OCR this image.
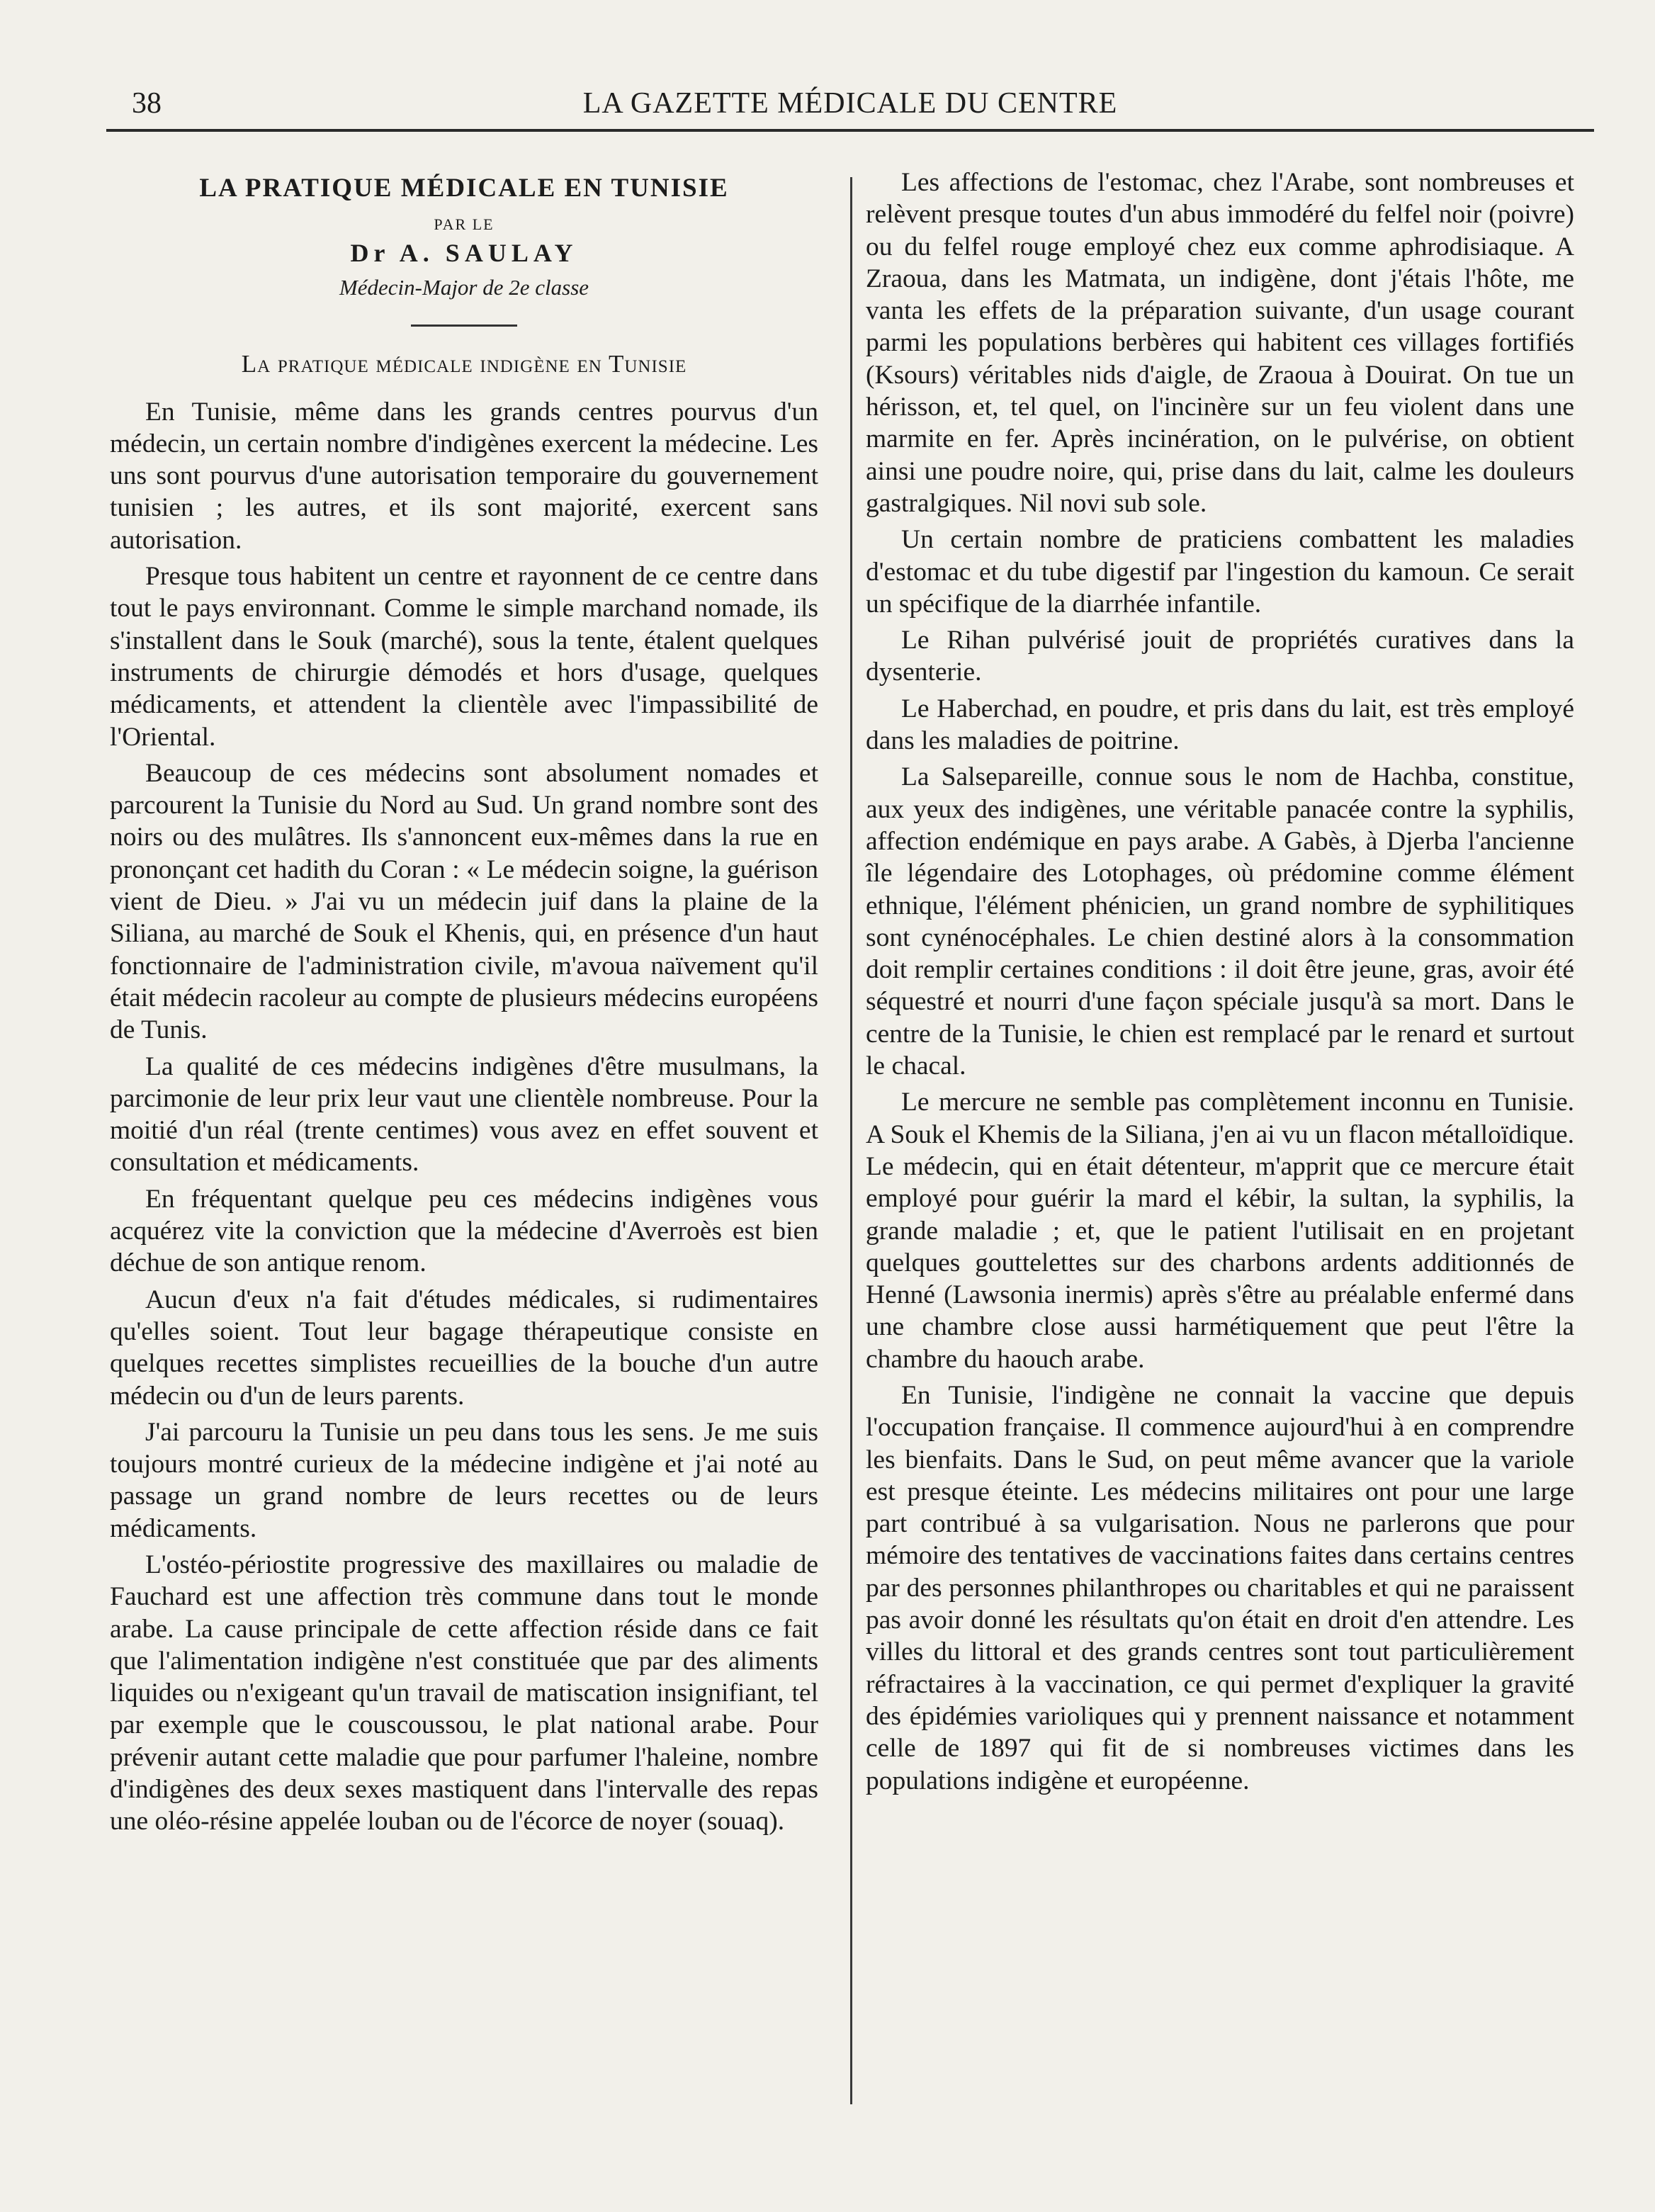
38	LA GAZETTE MÉDICALE DU CENTRE
LA PRATIQUE MÉDICALE EN TUNISIE
PAR LE
Dr A. SAULAY
Médecin-Major de 2e classe
La pratique médicale indigène en Tunisie

En Tunisie, même dans les grands centres pourvus d'un médecin, un certain nombre d'indigènes exercent la médecine. Les uns sont pourvus d'une autorisation temporaire du gouvernement tunisien ; les autres, et ils sont majorité, exercent sans autorisation.

Presque tous habitent un centre et rayonnent de ce centre dans tout le pays environnant. Comme le simple marchand nomade, ils s'installent dans le Souk (marché), sous la tente, étalent quelques instruments de chirurgie démodés et hors d'usage, quelques médicaments, et attendent la clientèle avec l'impassibilité de l'Oriental.

Beaucoup de ces médecins sont absolument nomades et parcourent la Tunisie du Nord au Sud. Un grand nombre sont des noirs ou des mulâtres. Ils s'annoncent eux-mêmes dans la rue en prononçant cet hadith du Coran : « Le médecin soigne, la guérison vient de Dieu. » J'ai vu un médecin juif dans la plaine de la Siliana, au marché de Souk el Khenis, qui, en présence d'un haut fonctionnaire de l'administration civile, m'avoua naïvement qu'il était médecin racoleur au compte de plusieurs médecins européens de Tunis.

La qualité de ces médecins indigènes d'être musulmans, la parcimonie de leur prix leur vaut une clientèle nombreuse. Pour la moitié d'un réal (trente centimes) vous avez en effet souvent et consultation et médicaments.

En fréquentant quelque peu ces médecins indigènes vous acquérez vite la conviction que la médecine d'Averroès est bien déchue de son antique renom.

Aucun d'eux n'a fait d'études médicales, si rudimentaires qu'elles soient. Tout leur bagage thérapeutique consiste en quelques recettes simplistes recueillies de la bouche d'un autre médecin ou d'un de leurs parents.

J'ai parcouru la Tunisie un peu dans tous les sens. Je me suis toujours montré curieux de la médecine indigène et j'ai noté au passage un grand nombre de leurs recettes ou de leurs médicaments.

L'ostéo-périostite progressive des maxillaires ou maladie de Fauchard est une affection très commune dans tout le monde arabe. La cause principale de cette affection réside dans ce fait que l'alimentation indigène n'est constituée que par des aliments liquides ou n'exigeant qu'un travail de matiscation insignifiant, tel par exemple que le couscoussou, le plat national arabe. Pour prévenir autant cette maladie que pour parfumer l'haleine, nombre d'indigènes des deux sexes mastiquent dans l'intervalle des repas une oléo-résine appelée louban ou de l'écorce de noyer (souaq).

Les affections de l'estomac, chez l'Arabe, sont nombreuses et relèvent presque toutes d'un abus immodéré du felfel noir (poivre) ou du felfel rouge employé chez eux comme aphrodisiaque. A Zraoua, dans les Matmata, un indigène, dont j'étais l'hôte, me vanta les effets de la préparation suivante, d'un usage courant parmi les populations berbères qui habitent ces villages fortifiés (Ksours) véritables nids d'aigle, de Zraoua à Douirat. On tue un hérisson, et, tel quel, on l'incinère sur un feu violent dans une marmite en fer. Après incinération, on le pulvérise, on obtient ainsi une poudre noire, qui, prise dans du lait, calme les douleurs gastralgiques. Nil novi sub sole.

Un certain nombre de praticiens combattent les maladies d'estomac et du tube digestif par l'ingestion du kamoun. Ce serait un spécifique de la diarrhée infantile.

Le Rihan pulvérisé jouit de propriétés curatives dans la dysenterie.

Le Haberchad, en poudre, et pris dans du lait, est très employé dans les maladies de poitrine.

La Salsepareille, connue sous le nom de Hachba, constitue, aux yeux des indigènes, une véritable panacée contre la syphilis, affection endémique en pays arabe. A Gabès, à Djerba l'ancienne île légendaire des Lotophages, où prédomine comme élément ethnique, l'élément phénicien, un grand nombre de syphilitiques sont cynénocéphales. Le chien destiné alors à la consommation doit remplir certaines conditions : il doit être jeune, gras, avoir été séquestré et nourri d'une façon spéciale jusqu'à sa mort. Dans le centre de la Tunisie, le chien est remplacé par le renard et surtout le chacal.

Le mercure ne semble pas complètement inconnu en Tunisie. A Souk el Khemis de la Siliana, j'en ai vu un flacon métalloïdique. Le médecin, qui en était détenteur, m'apprit que ce mercure était employé pour guérir la mard el kébir, la sultan, la syphilis, la grande maladie ; et, que le patient l'utilisait en en projetant quelques gouttelettes sur des charbons ardents additionnés de Henné (Lawsonia inermis) après s'être au préalable enfermé dans une chambre close aussi harmétiquement que peut l'être la chambre du haouch arabe.

En Tunisie, l'indigène ne connait la vaccine que depuis l'occupation française. Il commence aujourd'hui à en comprendre les bienfaits. Dans le Sud, on peut même avancer que la variole est presque éteinte. Les médecins militaires ont pour une large part contribué à sa vulgarisation. Nous ne parlerons que pour mémoire des tentatives de vaccinations faites dans certains centres par des personnes philanthropes ou charitables et qui ne paraissent pas avoir donné les résultats qu'on était en droit d'en attendre. Les villes du littoral et des grands centres sont tout particulièrement réfractaires à la vaccination, ce qui permet d'expliquer la gravité des épidémies varioliques qui y prennent naissance et notamment celle de 1897 qui fit de si nombreuses victimes dans les populations indigène et européenne.
